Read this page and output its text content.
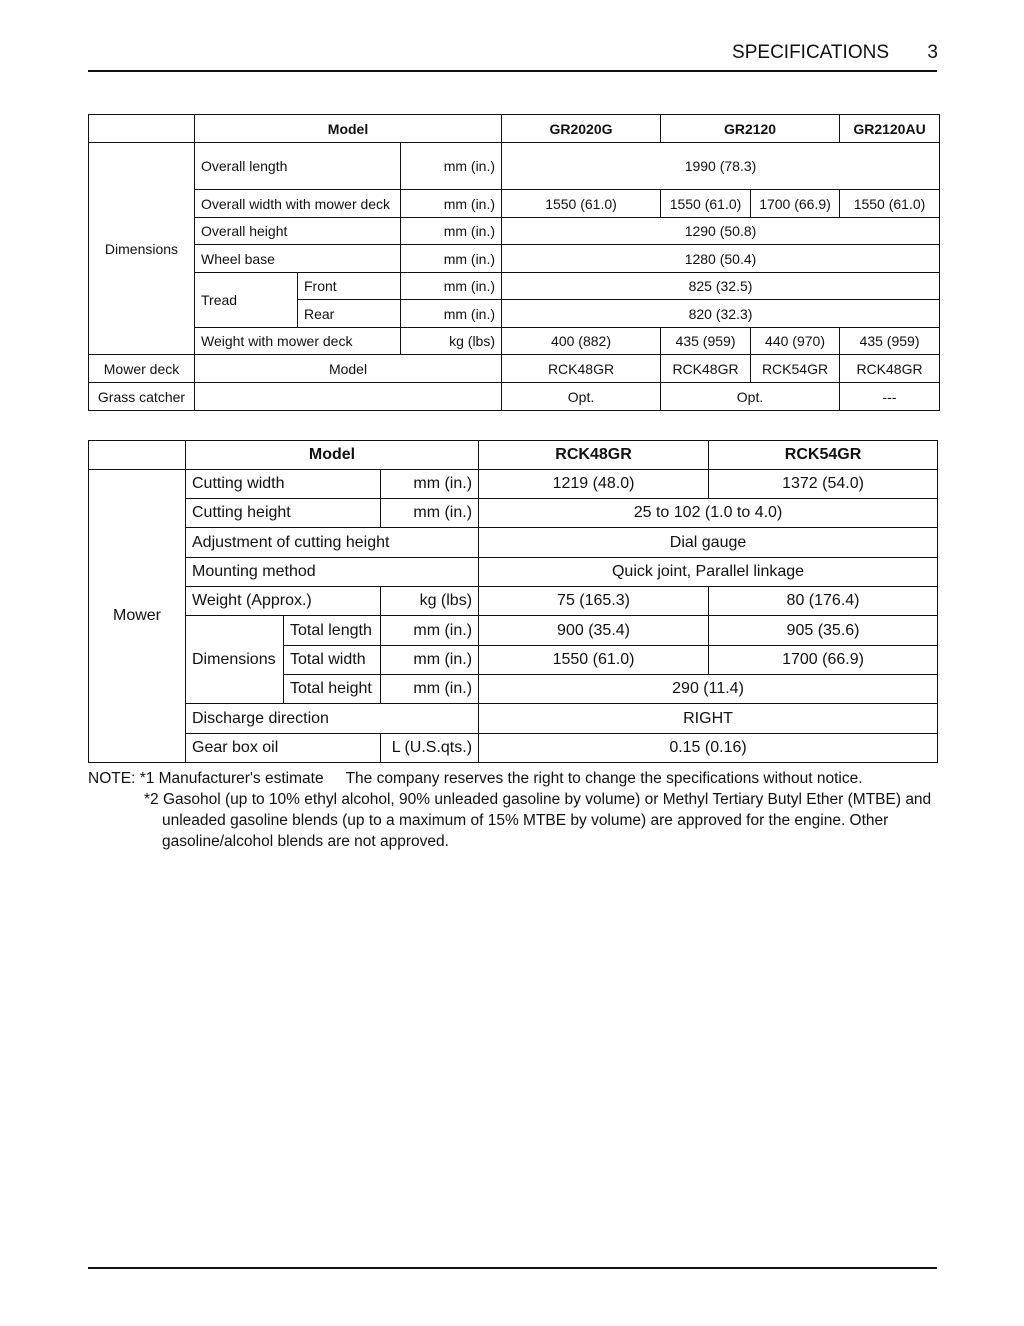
SPECIFICATIONS 3
	Model			GR2020G	GR2120		GR2120AU
Dimensions	Overall length		mm (in.)	1990 (78.3)			
	Overall width with mower deck		mm (in.)	1550 (61.0)	1550 (61.0)	1700 (66.9)	1550 (61.0)
	Overall height		mm (in.)	1290 (50.8)			
	Wheel base		mm (in.)	1280 (50.4)			
	Tread	Front	mm (in.)	825 (32.5)			
		Rear	mm (in.)	820 (32.3)			
	Weight with mower deck		kg (lbs)	400 (882)	435 (959)	440 (970)	435 (959)
Mower deck	Model			RCK48GR	RCK48GR	RCK54GR	RCK48GR
Grass catcher				Opt.	Opt.		---
	Model			RCK48GR	RCK54GR
Mower	Cutting width		mm (in.)	1219 (48.0)	1372 (54.0)
	Cutting height		mm (in.)	25 to 102 (1.0 to 4.0)	
	Adjustment of cutting height			Dial gauge	
	Mounting method			Quick joint, Parallel linkage	
	Weight (Approx.)		kg (lbs)	75 (165.3)	80 (176.4)
	Dimensions	Total length	mm (in.)	900 (35.4)	905 (35.6)
		Total width	mm (in.)	1550 (61.0)	1700 (66.9)
		Total height	mm (in.)	290 (11.4)	
	Discharge direction			RIGHT	
	Gear box oil		L (U.S.qts.)	0.15 (0.16)	
NOTE: *1 Manufacturer's estimate The company reserves the right to change the specifications without notice.
*2 Gasohol (up to 10% ethyl alcohol, 90% unleaded gasoline by volume) or Methyl Tertiary Butyl Ether (MTBE) and
unleaded gasoline blends (up to a maximum of 15% MTBE by volume) are approved for the engine. Other
gasoline/alcohol blends are not approved.
